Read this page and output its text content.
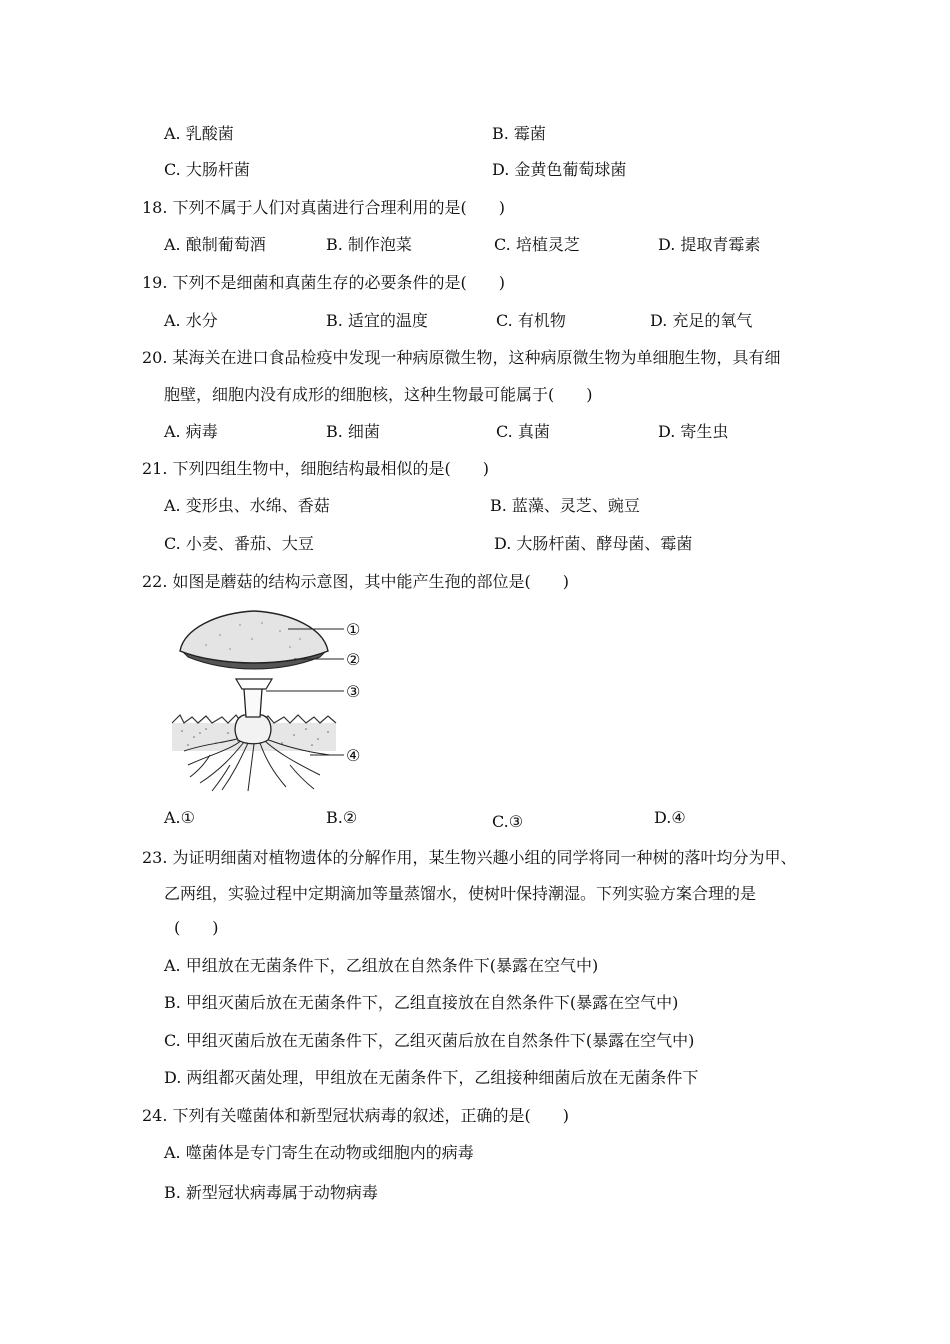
A. 乳酸菌	B. 霉菌
C. 大肠杆菌	D. 金黄色葡萄球菌
18. 下列不属于人们对真菌进行合理利用的是(　　)
A. 酿制葡萄酒	B. 制作泡菜	C. 培植灵芝	D. 提取青霉素
19. 下列不是细菌和真菌生存的必要条件的是(　　)
A. 水分	B. 适宜的温度	C. 有机物	D. 充足的氧气
20. 某海关在进口食品检疫中发现一种病原微生物，这种病原微生物为单细胞生物，具有细
胞壁，细胞内没有成形的细胞核，这种生物最可能属于(　　)
A. 病毒	B. 细菌	C. 真菌	D. 寄生虫
21. 下列四组生物中，细胞结构最相似的是(　　)
A. 变形虫、水绵、香菇	B. 蓝藻、灵芝、豌豆
C. 小麦、番茄、大豆	D. 大肠杆菌、酵母菌、霉菌
22. 如图是蘑菇的结构示意图，其中能产生孢的部位是(　　)
①
②
③
④
A.①	B.②	C.③	D.④
23. 为证明细菌对植物遗体的分解作用，某生物兴趣小组的同学将同一种树的落叶均分为甲、
乙两组，实验过程中定期滴加等量蒸馏水，使树叶保持潮湿。下列实验方案合理的是
(　　)
A. 甲组放在无菌条件下，乙组放在自然条件下(暴露在空气中)
B. 甲组灭菌后放在无菌条件下，乙组直接放在自然条件下(暴露在空气中)
C. 甲组灭菌后放在无菌条件下，乙组灭菌后放在自然条件下(暴露在空气中)
D. 两组都灭菌处理，甲组放在无菌条件下，乙组接种细菌后放在无菌条件下
24. 下列有关噬菌体和新型冠状病毒的叙述，正确的是(　　)
A. 噬菌体是专门寄生在动物或细胞内的病毒
B. 新型冠状病毒属于动物病毒
